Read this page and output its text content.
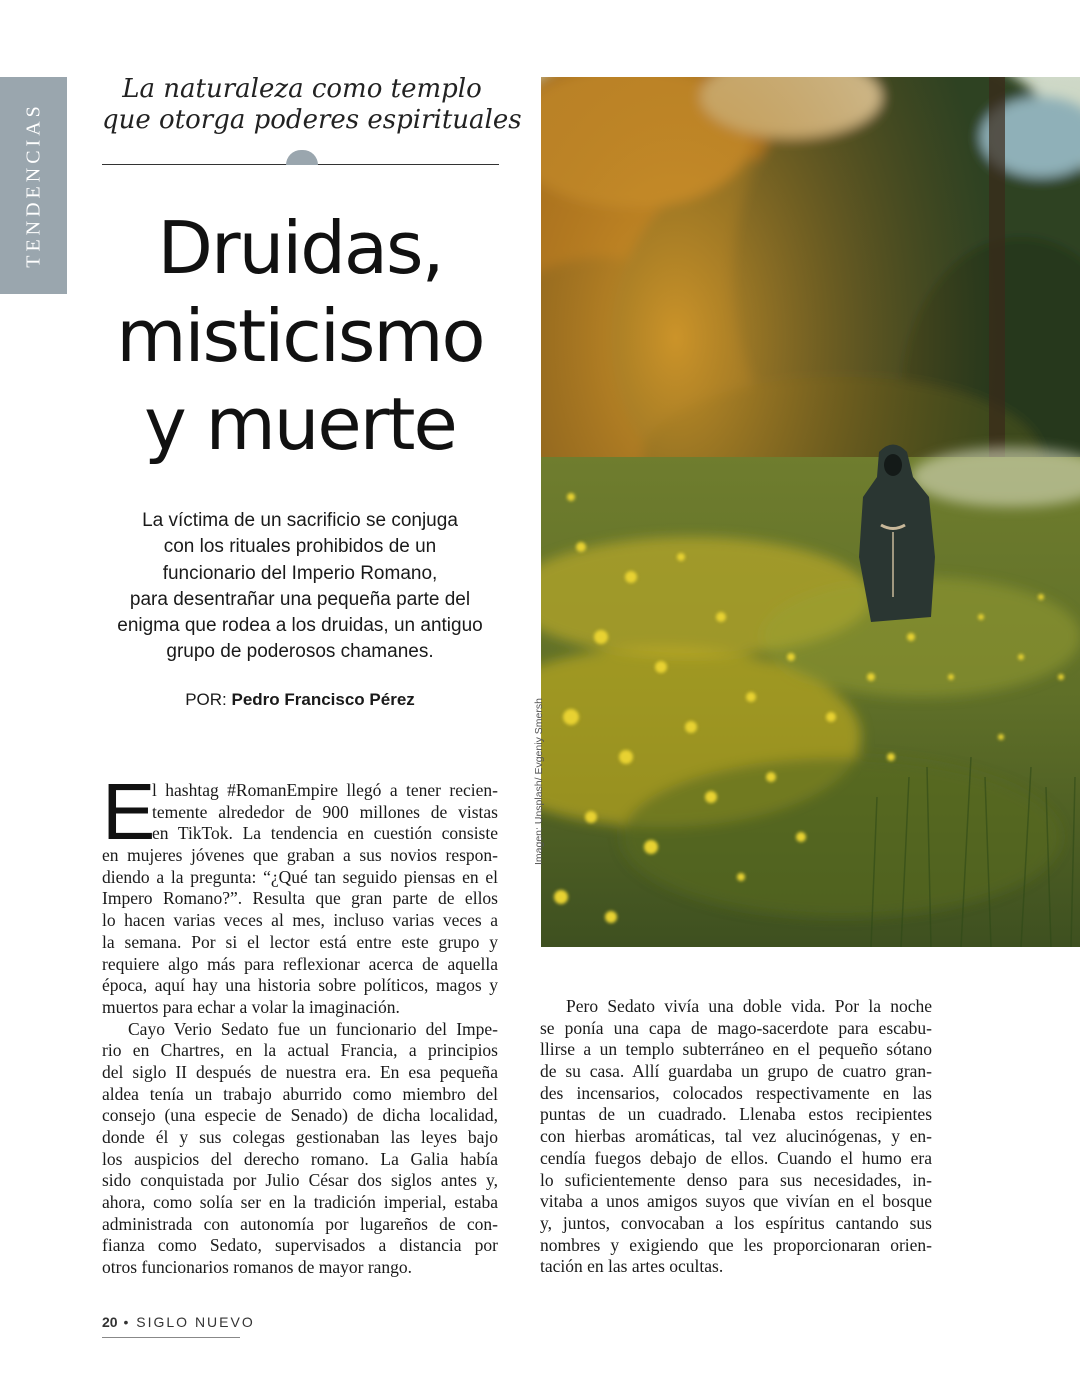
TENDENCIAS
La naturaleza como templo
que otorga poderes espirituales
Druidas,
misticismo
y muerte
La víctima de un sacrificio se conjuga
con los rituales prohibidos de un
funcionario del Imperio Romano,
para desentrañar una pequeña parte del
enigma que rodea a los druidas, un antiguo
grupo de poderosos chamanes.
POR: Pedro Francisco Pérez
E
l hashtag #RomanEmpire llegó a tener recien-
temente alrededor de 900 millones de vistas
en TikTok. La tendencia en cuestión consiste
en mujeres jóvenes que graban a sus novios respon-
diendo a la pregunta: “¿Qué tan seguido piensas en el
Impero Romano?”. Resulta que gran parte de ellos
lo hacen varias veces al mes, incluso varias veces a
la semana. Por si el lector está entre este grupo y
requiere algo más para reflexionar acerca de aquella
época, aquí hay una historia sobre políticos, magos y
muertos para echar a volar la imaginación.
Cayo Verio Sedato fue un funcionario del Impe-
rio en Chartres, en la actual Francia, a principios
del siglo II después de nuestra era. En esa pequeña
aldea tenía un trabajo aburrido como miembro del
consejo (una especie de Senado) de dicha localidad,
donde él y sus colegas gestionaban las leyes bajo
los auspicios del derecho romano. La Galia había
sido conquistada por Julio César dos siglos antes y,
ahora, como solía ser en la tradición imperial, estaba
administrada con autonomía por lugareños de con-
fianza como Sedato, supervisados a distancia por
otros funcionarios romanos de mayor rango.
Imagen: Unsplash/ Evgeniy Smersh
Pero Sedato vivía una doble vida. Por la noche
se ponía una capa de mago-sacerdote para escabu-
llirse a un templo subterráneo en el pequeño sótano
de su casa. Allí guardaba un grupo de cuatro gran-
des incensarios, colocados respectivamente en las
puntas de un cuadrado. Llenaba estos recipientes
con hierbas aromáticas, tal vez alucinógenas, y en-
cendía fuegos debajo de ellos. Cuando el humo era
lo suficientemente denso para sus necesidades, in-
vitaba a unos amigos suyos que vivían en el bosque
y, juntos, convocaban a los espíritus cantando sus
nombres y exigiendo que les proporcionaran orien-
tación en las artes ocultas.
20 • SIGLO NUEVO
